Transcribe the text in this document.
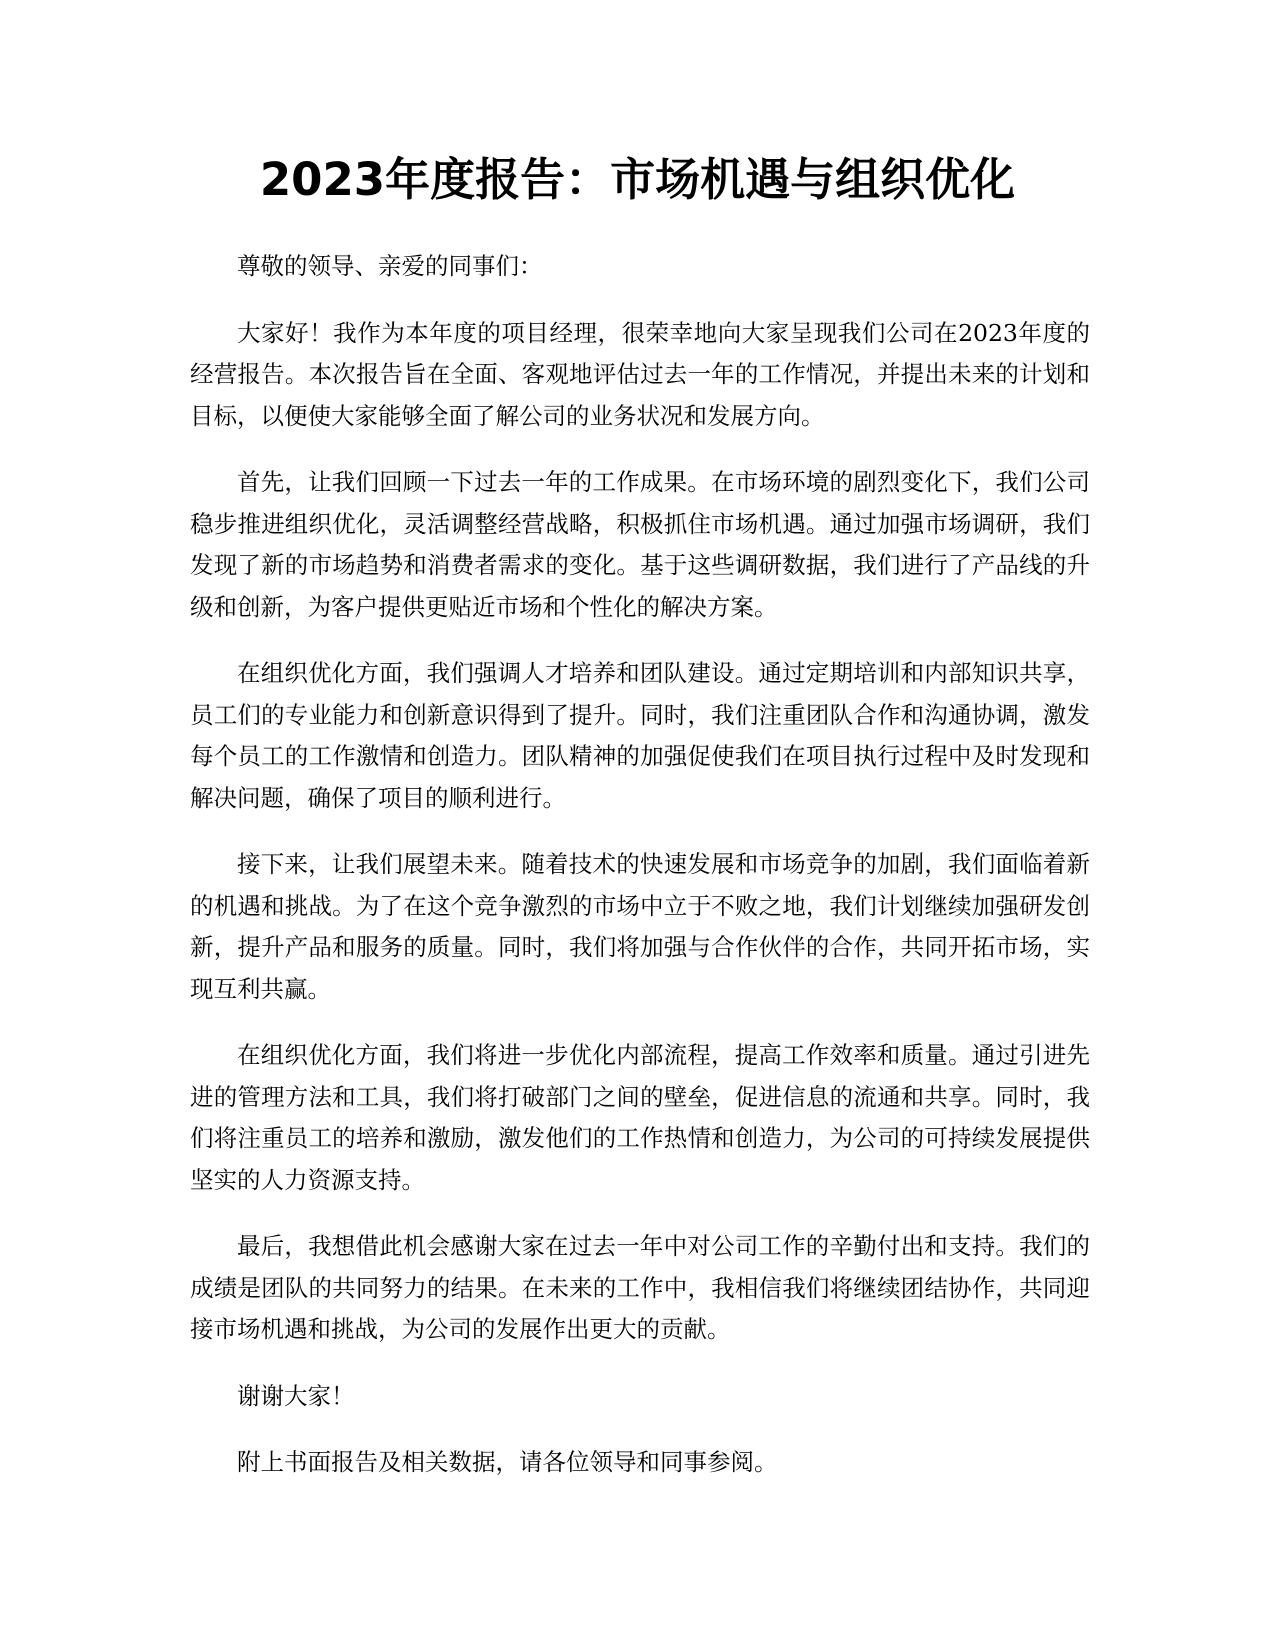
2023年度报告：市场机遇与组织优化

尊敬的领导、亲爱的同事们：

大家好！我作为本年度的项目经理，很荣幸地向大家呈现我们公司在2023年度的经营报告。本次报告旨在全面、客观地评估过去一年的工作情况，并提出未来的计划和目标，以便使大家能够全面了解公司的业务状况和发展方向。

首先，让我们回顾一下过去一年的工作成果。在市场环境的剧烈变化下，我们公司稳步推进组织优化，灵活调整经营战略，积极抓住市场机遇。通过加强市场调研，我们发现了新的市场趋势和消费者需求的变化。基于这些调研数据，我们进行了产品线的升级和创新，为客户提供更贴近市场和个性化的解决方案。

在组织优化方面，我们强调人才培养和团队建设。通过定期培训和内部知识共享，员工们的专业能力和创新意识得到了提升。同时，我们注重团队合作和沟通协调，激发每个员工的工作激情和创造力。团队精神的加强促使我们在项目执行过程中及时发现和解决问题，确保了项目的顺利进行。

接下来，让我们展望未来。随着技术的快速发展和市场竞争的加剧，我们面临着新的机遇和挑战。为了在这个竞争激烈的市场中立于不败之地，我们计划继续加强研发创新，提升产品和服务的质量。同时，我们将加强与合作伙伴的合作，共同开拓市场，实现互利共赢。

在组织优化方面，我们将进一步优化内部流程，提高工作效率和质量。通过引进先进的管理方法和工具，我们将打破部门之间的壁垒，促进信息的流通和共享。同时，我们将注重员工的培养和激励，激发他们的工作热情和创造力，为公司的可持续发展提供坚实的人力资源支持。

最后，我想借此机会感谢大家在过去一年中对公司工作的辛勤付出和支持。我们的成绩是团队的共同努力的结果。在未来的工作中，我相信我们将继续团结协作，共同迎接市场机遇和挑战，为公司的发展作出更大的贡献。

谢谢大家！

附上书面报告及相关数据，请各位领导和同事参阅。
